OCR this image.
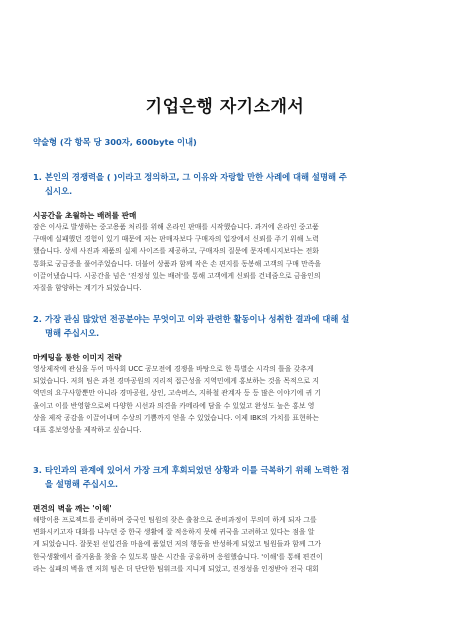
기업은행 자기소개서
약술형 (각 항목 당 300자, 600byte 이내)
1. 본인의 경쟁력을 ( )이라고 정의하고, 그 이유와 자랑할 만한 사례에 대해 설명해 주
십시오.
시공간을 초월하는 배려를 판매
잠은 이사로 발생하는 중고용품 처리를 위해 온라인 판매를 시작했습니다. 과거에 온라인 중고품
구매에 실패했던 경험이 있기 때문에 저는 판매자보다 구매자의 입장에서 신뢰를 주기 위해 노력
했습니다. 상세 사진과 제품의 실제 사이즈를 제공하고, 구매자의 질문에 문자메시지보다는 전화
통화로 궁금증을 풀어주었습니다. 더불어 상품과 함께 작은 손 편지를 동봉해 고객의 구매 만족을
이끌어냈습니다. 시공간을 넘은 '진정성 있는 배려'를 통해 고객에게 신뢰를 건네줌으로 금융인의
자질을 함양하는 계기가 되었습니다.
2. 가장 관심 많았던 전공분야는 무엇이고 이와 관련한 활동이나 성취한 결과에 대해 설
명해 주십시오.
마케팅을 통한 이미지 전략
영상제작에 관심을 두어 마사회 UCC 공모전에 경쟁을 바탕으로 한 특별순 시각의 틀을 갖추게
되었습니다. 저희 팀은 과천 경마공원의 지리적 접근성을 지역민에게 홍보하는 것을 목적으로 지
역민의 요구사항뿐만 아니라 경마공원, 상인, 고속버스, 지하철 관계자 등 등 많은 이야기에 귀 기
울이고 이를 반영함으로써 다양한 시선과 의견을 카메라에 담을 수 있었고 완성도 높은 홍보 영
상을 제작 공감을 이끌어내며 수상의 기쁨까지 얻을 수 있었습니다. 이제 IBK의 가치를 표현하는
대표 홍보영상을 제작하고 싶습니다.
3. 타인과의 관계에 있어서 가장 크게 후회되었던 상황과 이를 극복하기 위해 노력한 점
을 설명해 주십시오.
편견의 벽을 깨는 '이해'
해방이용 프로젝트를 준비하며 중국인 팀원의 잦은 출참으로 준비과정이 무의미 하게 되자 그를
변화시키고자 대화를 나누던 중 한국 생활에 잘 적응하지 못해 귀국을 고려하고 있다는 점을 알
게 되었습니다. 잘못된 선입견을 마음에 품었던 저의 행동을 반성하게 되었고 팀원들과 함께 그가
한국생활에서 즐거움을 찾을 수 있도록 많은 시간을 공유하며 응원했습니다. '이해'를 통해 편견이
라는 실패의 벽을 깬 저희 팀은 더 단단한 팀워크를 지니게 되었고, 진정성을 인정받아 전국 대회
